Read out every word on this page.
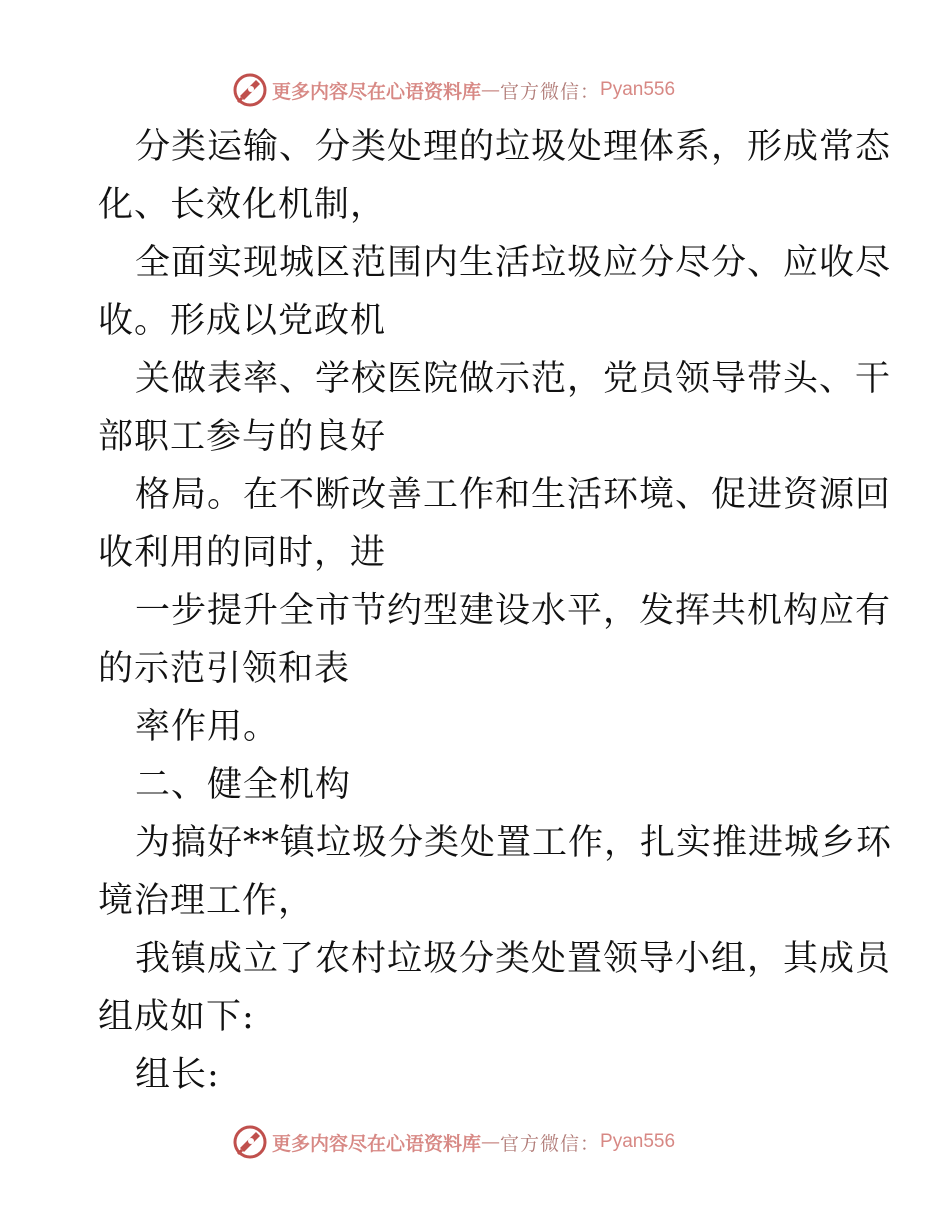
更多内容尽在心语资料库 — 官方微信： Pyan556
分类运输、分类处理的垃圾处理体系，形成常态
化、长效化机制，
全面实现城区范围内生活垃圾应分尽分、应收尽
收。形成以党政机
关做表率、学校医院做示范，党员领导带头、干
部职工参与的良好
格局。在不断改善工作和生活环境、促进资源回
收利用的同时，进
一步提升全市节约型建设水平，发挥共机构应有
的示范引领和表
率作用。
二、健全机构
为搞好**镇垃圾分类处置工作，扎实推进城乡环
境治理工作，
我镇成立了农村垃圾分类处置领导小组，其成员
组成如下:
组长:
更多内容尽在心语资料库 — 官方微信： Pyan556
